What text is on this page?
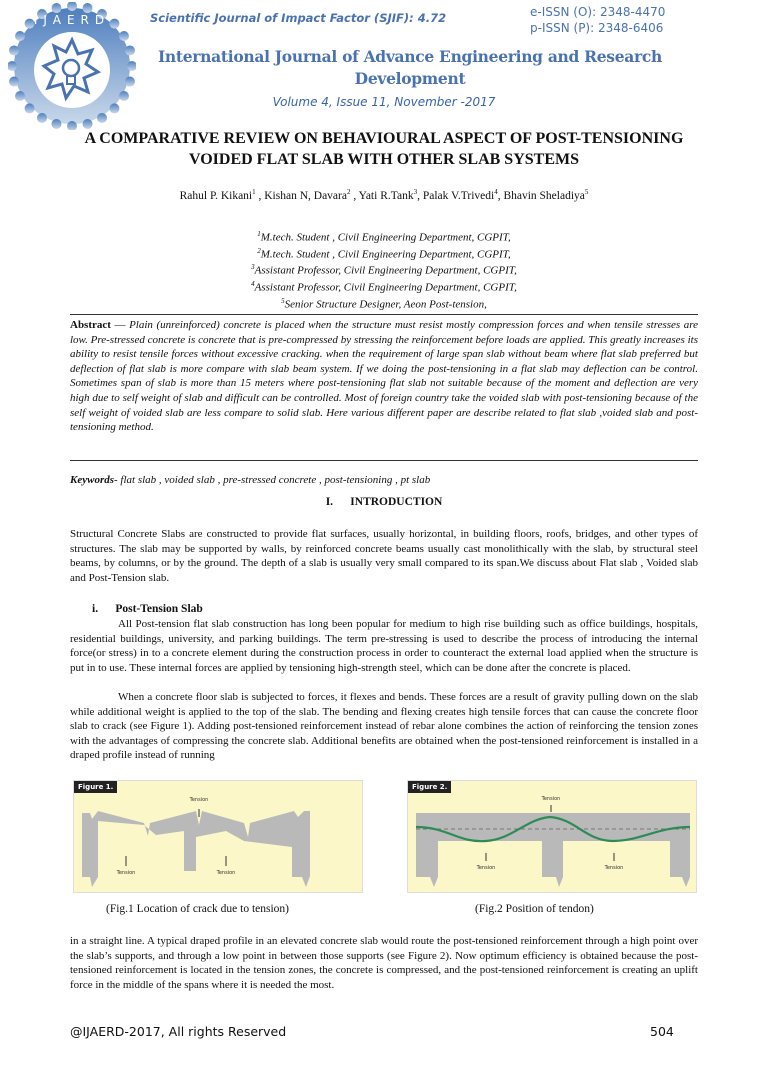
IJAERD	Scientific Journal of Impact Factor (SJIF): 4.72	e-ISSN (O): 2348-4470
p-ISSN (P): 2348-6406
International Journal of Advance Engineering and Research Development
Volume 4, Issue 11, November -2017
A COMPARATIVE REVIEW ON BEHAVIOURAL ASPECT OF POST-TENSIONING VOIDED FLAT SLAB WITH OTHER SLAB SYSTEMS
Rahul P. Kikani$^1$ , Kishan N, Davara$^2$ , Yati R.Tank$^3$, Palak V.Trivedi$^4$, Bhavin Sheladiya$^5$
$^1$M.tech. Student , Civil Engineering Department, CGPIT,
$^2$M.tech. Student , Civil Engineering Department, CGPIT,
$^3$Assistant Professor, Civil Engineering Department, CGPIT,
$^4$Assistant Professor, Civil Engineering Department, CGPIT,
$^5$Senior Structure Designer, Aeon Post-tension,
Abstract — Plain (unreinforced) concrete is placed when the structure must resist mostly compression forces and when tensile stresses are low. Pre-stressed concrete is concrete that is pre-compressed by stressing the reinforcement before loads are applied. This greatly increases its ability to resist tensile forces without excessive cracking. when the requirement of large span slab without beam where flat slab preferred but deflection of flat slab is more compare with slab beam system. If we doing the post-tensioning in a flat slab may deflection can be control. Sometimes span of slab is more than 15 meters where post-tensioning flat slab not suitable because of the moment and deflection are very high due to self weight of slab and difficult can be controlled. Most of foreign country take the voided slab with post-tensioning because of the self weight of voided slab are less compare to solid slab. Here various different paper are describe related to flat slab ,voided slab and post-tensioning method.
Keywords- flat slab , voided slab , pre-stressed concrete , post-tensioning , pt slab
I. INTRODUCTION
Structural Concrete Slabs are constructed to provide flat surfaces, usually horizontal, in building floors, roofs, bridges, and other types of structures. The slab may be supported by walls, by reinforced concrete beams usually cast monolithically with the slab, by structural steel beams, by columns, or by the ground. The depth of a slab is usually very small compared to its span.We discuss about Flat slab , Voided slab and Post-Tension slab.
i. Post-Tension Slab
All Post-tension flat slab construction has long been popular for medium to high rise building such as office buildings, hospitals, residential buildings, university, and parking buildings. The term pre-stressing is used to describe the process of introducing the internal force(or stress) in to a concrete element during the construction process in order to counteract the external load applied when the structure is put in to use. These internal forces are applied by tensioning high-strength steel, which can be done after the concrete is placed.
When a concrete floor slab is subjected to forces, it flexes and bends. These forces are a result of gravity pulling down on the slab while additional weight is applied to the top of the slab. The bending and flexing creates high tensile forces that can cause the concrete floor slab to crack (see Figure 1). Adding post-tensioned reinforcement instead of rebar alone combines the action of reinforcing the tension zones with the advantages of compressing the concrete slab. Additional benefits are obtained when the post-tensioned reinforcement is installed in a draped profile instead of running
Tension
Tension	Tension
Figure 1.
(Fig.1 Location of crack due to tension)
Tension
Tension	Tension
Figure 2.
(Fig.2 Position of tendon)
in a straight line. A typical draped profile in an elevated concrete slab would route the post-tensioned reinforcement through a high point over the slab’s supports, and through a low point in between those supports (see Figure 2). Now optimum efficiency is obtained because the post-tensioned reinforcement is located in the tension zones, the concrete is compressed, and the post-tensioned reinforcement is creating an uplift force in the middle of the spans where it is needed the most.
@IJAERD-2017, All rights Reserved	504
